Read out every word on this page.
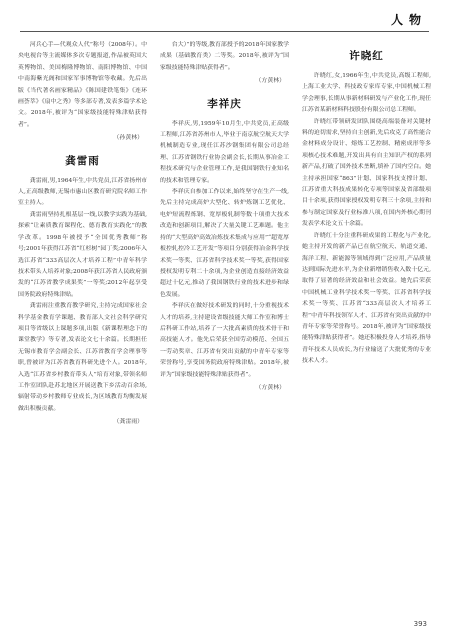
人物

河兵心手—代观众人代”称号（2008年）。中央电视台等主流媒体多次专题报道,作品被英国大英博物馆、美国梅隆博物馆、南阳博物馆、中国中南海紫光阁和国家军事博物馆等收藏。先后出版《当代著名画家精品》《陈国建铁笔集》《连环画荟萃》《扇中之秀》等多部专著,发表多篇学术论文。2018年,被评为“国家级技能特殊津贴获得者”。

（孙黄林）
龚雷雨

龚雷雨,男,1964年生,中共党员,江苏省扬州市人,正高级教师,无锡市惠山区教育研究院名师工作室主持人。

龚雷雨坚持扎根基层一线,以教学实践为基础,探索“让素质教育课程化、德育教育实践化”的教学改革。1998年被授予“全国优秀教师”称号;2001年获得江苏省“红杉树”园丁奖;2006年入选江苏省“333高层次人才培养工程”中青年科学技术带头人培养对象;2008年获江苏省人民政府颁发的“江苏省教学成果奖”一等奖;2012年起享受国务院政府特殊津贴。

龚雷雨注重教育教学研究,主持完成国家社会科学基金教育学课题、教育部人文社会科学研究项目等省级以上课题多项,出版《新课程理念下的课堂教学》等专著,发表论文七十余篇。长期担任无锡市教育学会副会长、江苏省教育学会理事等职,曾被评为江苏省教育科研先进个人。2018年,入选“江苏省乡村教育带头人”培育对象,带领名师工作室团队赴苏北地区开展送教下乡活动百余场,辐射带动乡村教师专业成长,为区域教育均衡发展做出积极贡献。

（龚雷雨）

台大）”的等级,教育部授予的2018年国家教学成果（基础教育类）二等奖。2018年,被评为“国家级技能特殊津贴获得者”。

（方黄林）
李祥庆

李祥庆,男,1959年10月生,中共党员,正高级工程师,江苏省苏州市人,毕业于南京航空航天大学机械制造专业,现任江苏沙钢集团有限公司总经理、江苏省钢铁行业协会副会长,长期从事冶金工程技术研究与企业管理工作,是我国钢铁行业知名的技术和管理专家。

李祥庆自参加工作以来,始终坚守在生产一线,先后主持完成高炉大型化、转炉炼钢工艺优化、电炉短流程炼钢、宽厚板轧制等数十项重大技术改造和创新项目,解决了大量关键工艺难题。他主持的“大型高炉高效冶炼技术集成与应用”“超宽厚板控轧控冷工艺开发”等项目分别获得冶金科学技术奖一等奖、江苏省科学技术奖一等奖,获得国家授权发明专利二十余项,为企业创造直接经济效益超过十亿元,推动了我国钢铁行业的技术进步和绿色发展。

李祥庆在做好技术研发的同时,十分重视技术人才的培养,主持建设省级技能大师工作室和博士后科研工作站,培养了一大批高素质的技术骨干和高技能人才。他先后荣获全国劳动模范、全国五一劳动奖章、江苏省有突出贡献的中青年专家等荣誉称号,享受国务院政府特殊津贴。2018年,被评为“国家级技能特殊津贴获得者”。

（方黄林）
许晓红

许晓红,女,1966年生,中共党员,高级工程师,上海工业大学、科技政专家库专家,中国机械工程学会理事,长期从事新材料研发与产业化工作,现任江苏省某新材料科技股份有限公司总工程师。

许晓红带领研发团队围绕高端装备对关键材料的迫切需求,坚持自主创新,先后攻克了高性能合金材料成分设计、熔炼工艺控制、精密成形等多项核心技术难题,开发出具有自主知识产权的系列新产品,打破了国外技术垄断,填补了国内空白。她主持承担国家“863”计划、国家科技支撑计划、江苏省重大科技成果转化专项等国家及省部级项目十余项,获得国家授权发明专利三十余项,主持和参与制定国家及行业标准八项,在国内外核心期刊发表学术论文五十余篇。

许晓红十分注重科研成果的工程化与产业化,她主持开发的新产品已在航空航天、轨道交通、海洋工程、新能源等领域得到广泛应用,产品质量达到国际先进水平,为企业新增销售收入数十亿元,取得了显著的经济效益和社会效益。她先后荣获中国机械工业科学技术奖一等奖、江苏省科学技术奖一等奖、江苏省“333高层次人才培养工程”中青年科技领军人才、江苏省有突出贡献的中青年专家等荣誉称号。2018年,被评为“国家级技能特殊津贴获得者”。她还积极投身人才培养,指导青年技术人员成长,为行业输送了大批优秀的专业技术人才。

393
